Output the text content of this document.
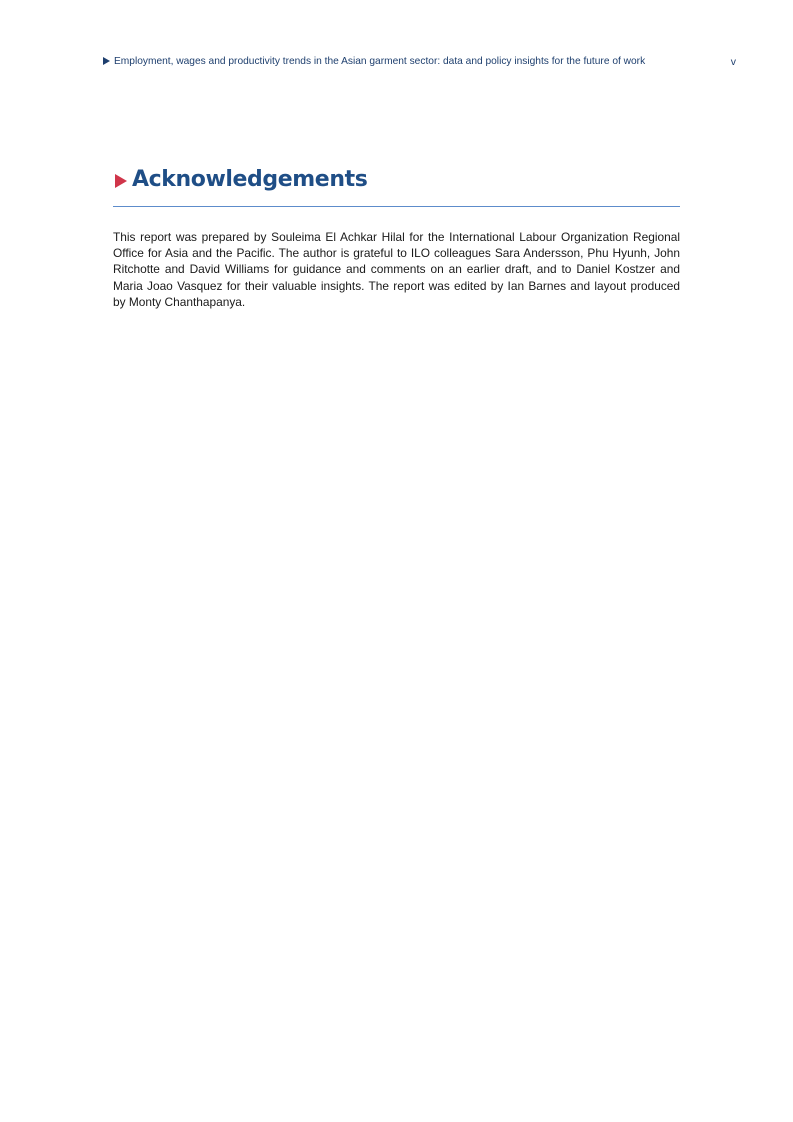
Employment, wages and productivity trends in the Asian garment sector: data and policy insights for the future of work	v
Acknowledgements

This report was prepared by Souleima El Achkar Hilal for the International Labour Organization Regional Office for Asia and the Pacific. The author is grateful to ILO colleagues Sara Andersson, Phu Hyunh, John Ritchotte and David Williams for guidance and comments on an earlier draft, and to Daniel Kostzer and Maria Joao Vasquez for their valuable insights. The report was edited by Ian Barnes and layout produced by Monty Chanthapanya.
